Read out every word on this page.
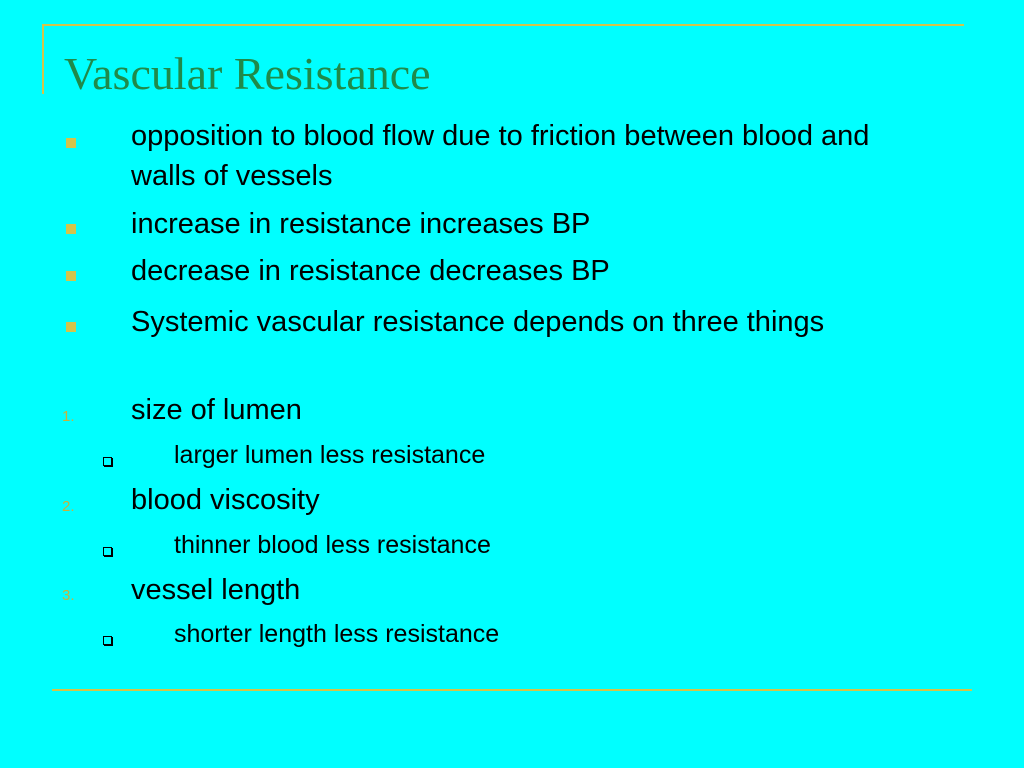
Vascular Resistance
opposition to blood flow due to friction between blood and walls of vessels
increase in resistance increases BP
decrease in resistance decreases BP
Systemic vascular resistance depends on three things
1. size of lumen
larger lumen less resistance
2. blood viscosity
thinner blood less resistance
3. vessel length
shorter length less resistance
